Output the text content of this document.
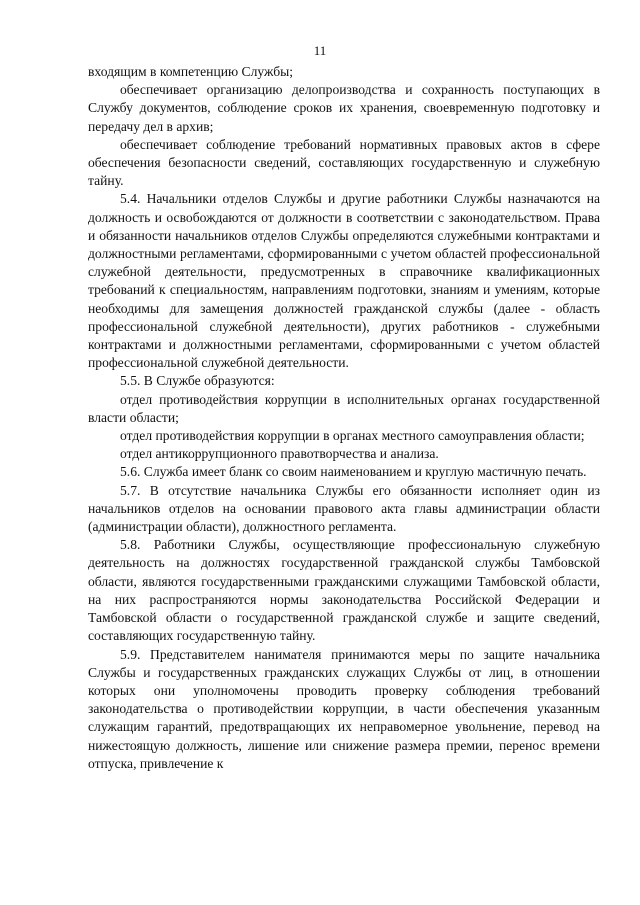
11

входящим в компетенцию Службы;

обеспечивает организацию делопроизводства и сохранность поступающих в Службу документов, соблюдение сроков их хранения, своевременную подготовку и передачу дел в архив;

обеспечивает соблюдение требований нормативных правовых актов в сфере обеспечения безопасности сведений, составляющих государственную и служебную тайну.

5.4. Начальники отделов Службы и другие работники Службы назначаются на должность и освобождаются от должности в соответствии с законодательством. Права и обязанности начальников отделов Службы определяются служебными контрактами и должностными регламентами, сформированными с учетом областей профессиональной служебной деятельности, предусмотренных в справочнике квалификационных требований к специальностям, направлениям подготовки, знаниям и умениям, которые необходимы для замещения должностей гражданской службы (далее - область профессиональной служебной деятельности), других работников - служебными контрактами и должностными регламентами, сформированными с учетом областей профессиональной служебной деятельности.

5.5. В Службе образуются:

отдел противодействия коррупции в исполнительных органах государственной власти области;

отдел противодействия коррупции в органах местного самоуправления области;

отдел антикоррупционного правотворчества и анализа.

5.6. Служба имеет бланк со своим наименованием и круглую мастичную печать.

5.7. В отсутствие начальника Службы его обязанности исполняет один из начальников отделов на основании правового акта главы администрации области (администрации области), должностного регламента.

5.8. Работники Службы, осуществляющие профессиональную служебную деятельность на должностях государственной гражданской службы Тамбовской области, являются государственными гражданскими служащими Тамбовской области, на них распространяются нормы законодательства Российской Федерации и Тамбовской области о государственной гражданской службе и защите сведений, составляющих государственную тайну.

5.9. Представителем нанимателя принимаются меры по защите начальника Службы и государственных гражданских служащих Службы от лиц, в отношении которых они уполномочены проводить проверку соблюдения требований законодательства о противодействии коррупции, в части обеспечения указанным служащим гарантий, предотвращающих их неправомерное увольнение, перевод на нижестоящую должность, лишение или снижение размера премии, перенос времени отпуска, привлечение к
